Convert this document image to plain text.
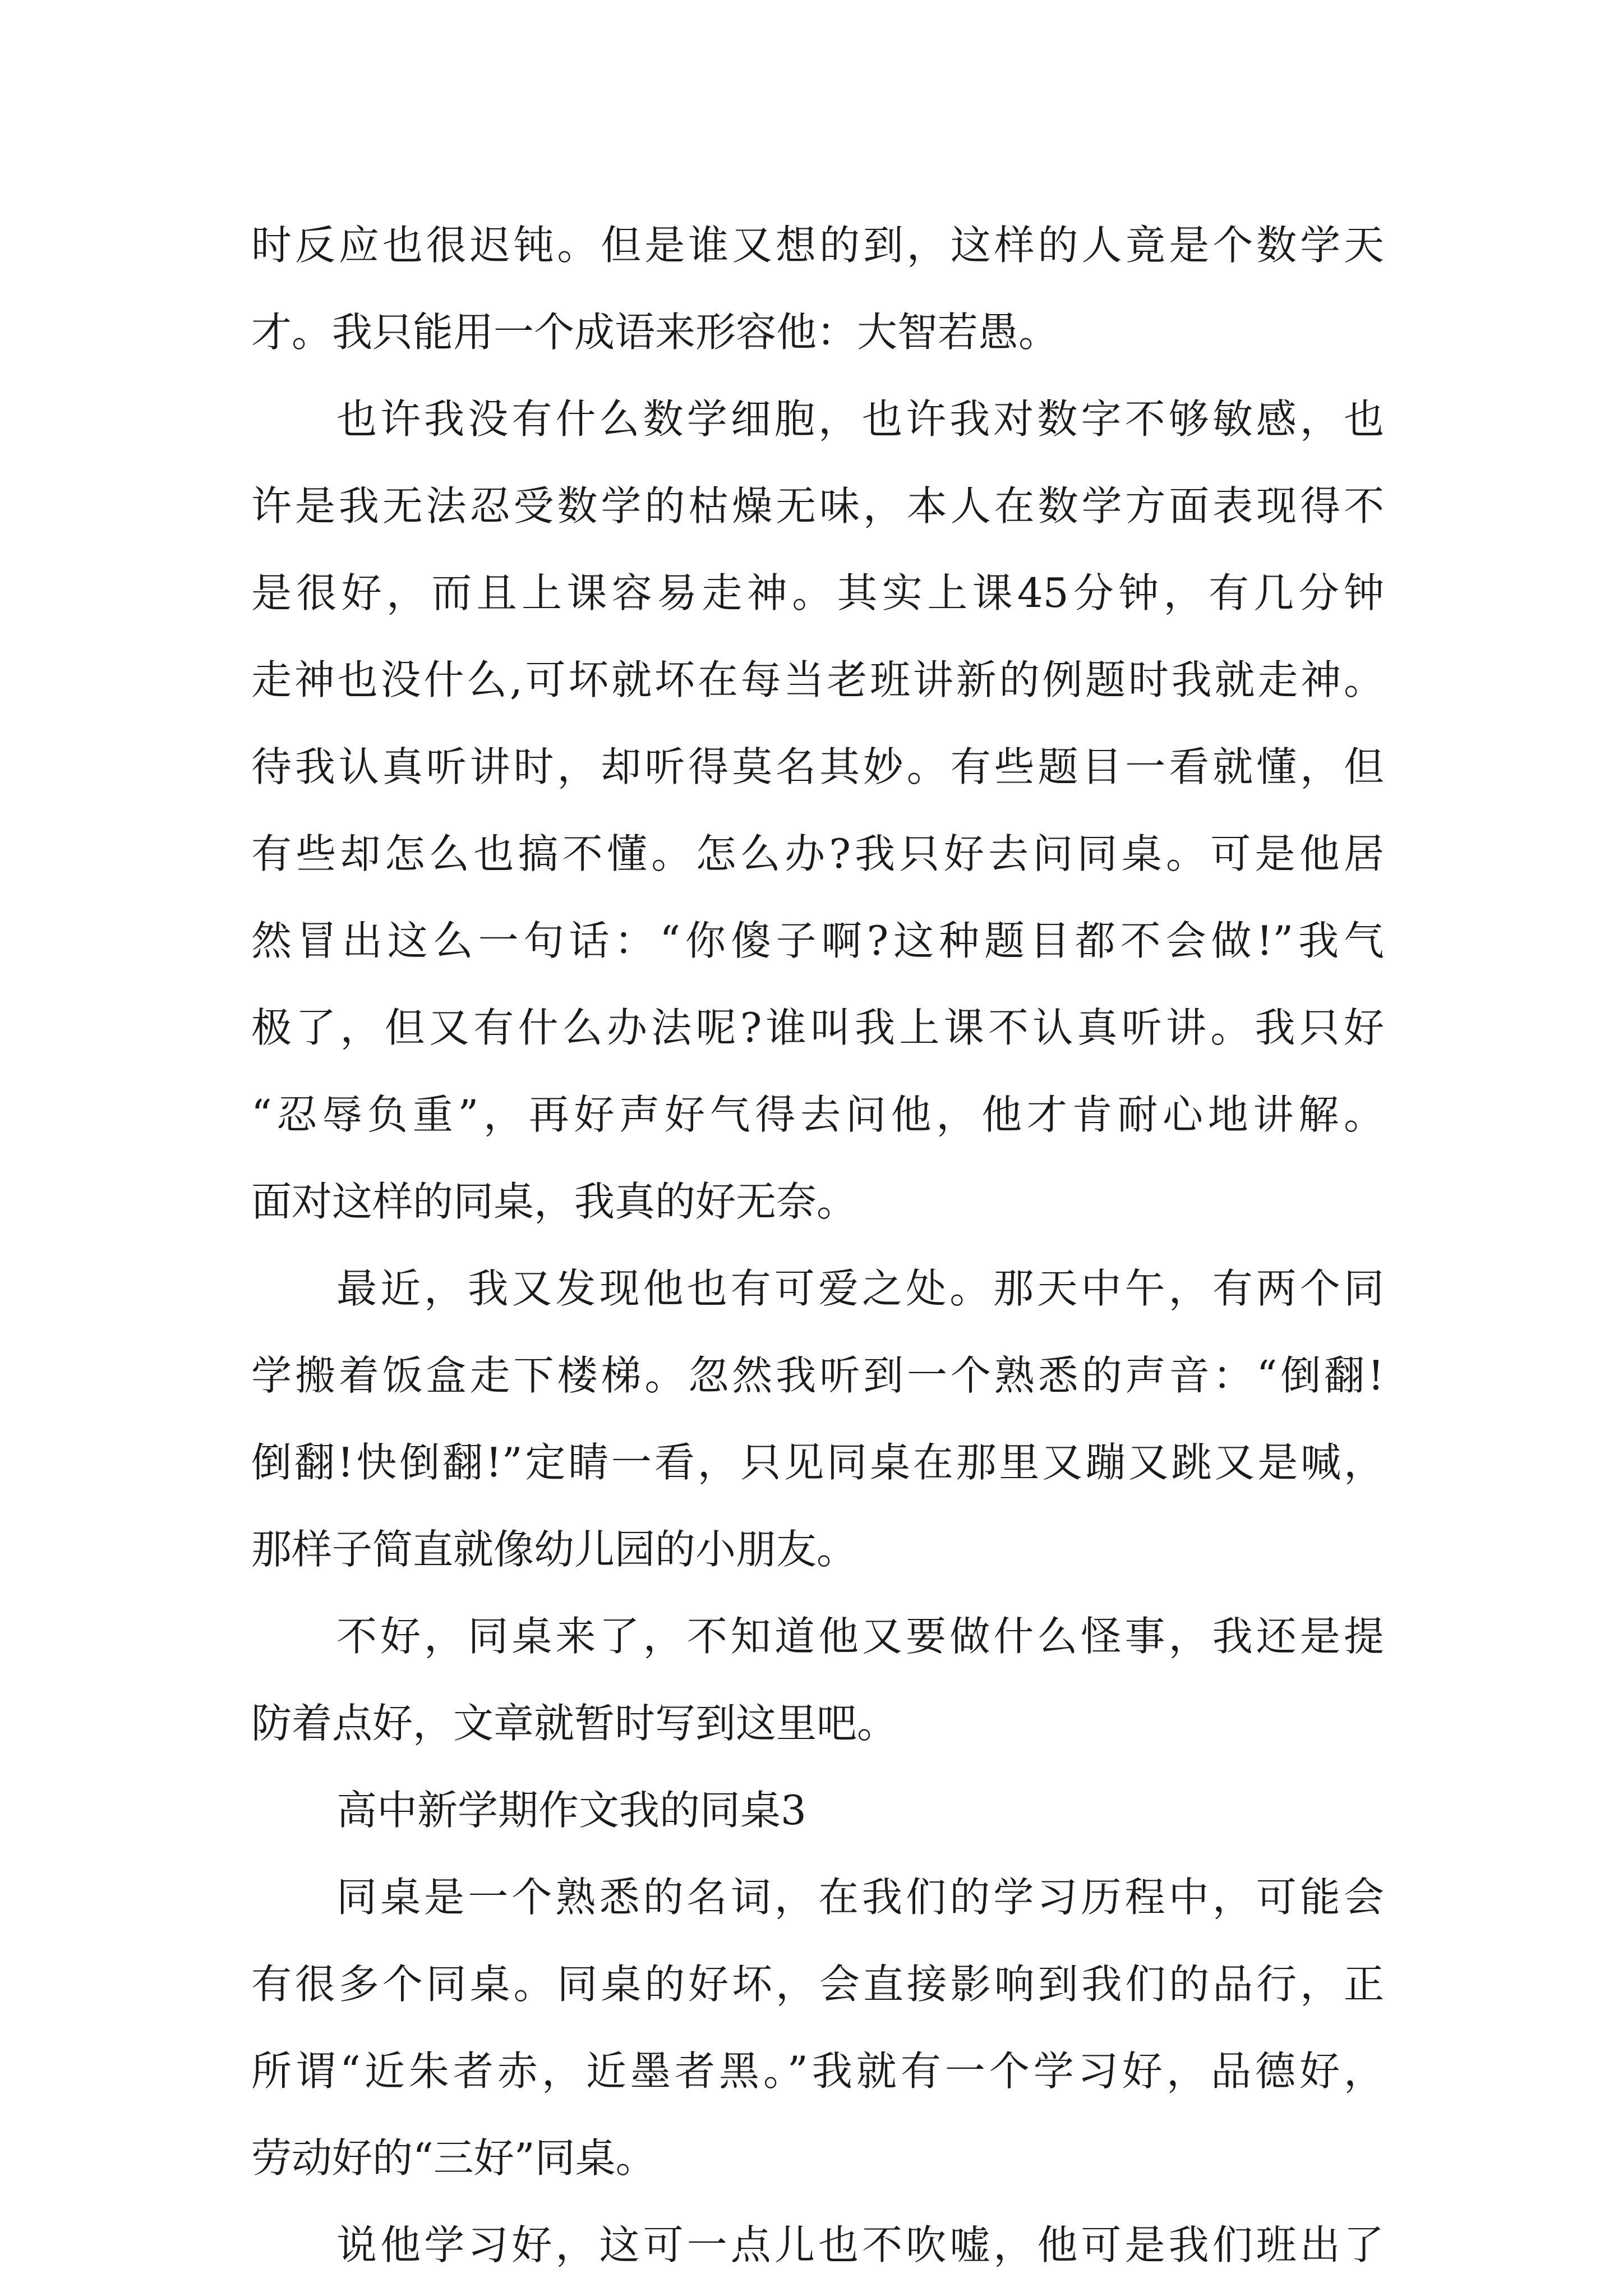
时反应也很迟钝。但是谁又想的到，这样的人竟是个数学天
才。我只能用一个成语来形容他：大智若愚。
也许我没有什么数学细胞，也许我对数字不够敏感，也
许是我无法忍受数学的枯燥无味，本人在数学方面表现得不
是很好，而且上课容易走神。其实上课45分钟，有几分钟
走神也没什么,可坏就坏在每当老班讲新的例题时我就走神。
待我认真听讲时，却听得莫名其妙。有些题目一看就懂，但
有些却怎么也搞不懂。怎么办?我只好去问同桌。可是他居
然冒出这么一句话：“你傻子啊?这种题目都不会做!”我气
极了，但又有什么办法呢?谁叫我上课不认真听讲。我只好
“忍辱负重”，再好声好气得去问他，他才肯耐心地讲解。
面对这样的同桌，我真的好无奈。
最近，我又发现他也有可爱之处。那天中午，有两个同
学搬着饭盒走下楼梯。忽然我听到一个熟悉的声音：“倒翻!
倒翻!快倒翻!”定睛一看，只见同桌在那里又蹦又跳又是喊，
那样子简直就像幼儿园的小朋友。
不好，同桌来了，不知道他又要做什么怪事，我还是提
防着点好，文章就暂时写到这里吧。
高中新学期作文我的同桌3
同桌是一个熟悉的名词，在我们的学习历程中，可能会
有很多个同桌。同桌的好坏，会直接影响到我们的品行，正
所谓“近朱者赤，近墨者黑。”我就有一个学习好，品德好，
劳动好的“三好”同桌。
说他学习好，这可一点儿也不吹嘘，他可是我们班出了
